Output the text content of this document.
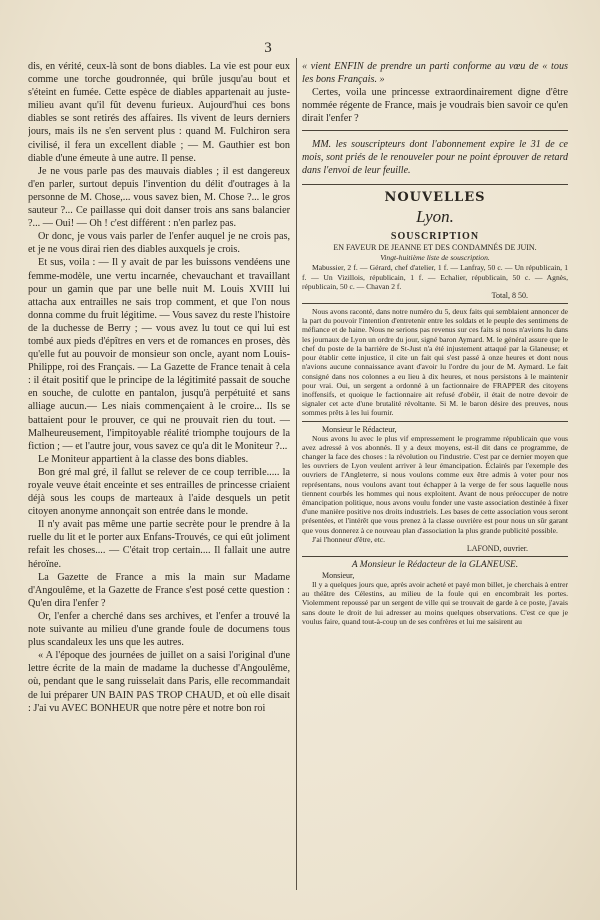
3

dis, en vérité, ceux-là sont de bons diables. La vie est pour eux comme une torche goudronnée, qui brûle jusqu'au bout et s'éteint en fumée. Cette espèce de diables appartenait au juste-milieu avant qu'il fût devenu furieux. Aujourd'hui ces bons diables se sont retirés des affaires. Ils vivent de leurs derniers jours, mais ils ne s'en servent plus : quand M. Fulchiron sera civilisé, il fera un excellent diable ; — M. Gauthier est bon diable d'une émeute à une autre. Il pense.

Je ne vous parle pas des mauvais diables ; il est dangereux d'en parler, surtout depuis l'invention du délit d'outrages à la personne de M. Chose,... vous savez bien, M. Chose ?... le gros sauteur ?... Ce paillasse qui doit danser trois ans sans balancier ?... — Oui! — Oh ! c'est différent : n'en parlez pas.

Or donc, je vous vais parler de l'enfer auquel je ne crois pas, et je ne vous dirai rien des diables auxquels je crois.

Et sus, voila : — Il y avait de par les buissons vendéens une femme-modèle, une vertu incarnée, chevauchant et travaillant pour un gamin que par une belle nuit M. Louis XVIII lui attacha aux entrailles ne sais trop comment, et que l'on nous donna comme du fruit légitime. — Vous savez du reste l'histoire de la duchesse de Berry ; — vous avez lu tout ce qui lui est tombé aux pieds d'épîtres en vers et de romances en proses, dès qu'elle fut au pouvoir de monsieur son oncle, ayant nom Louis-Philippe, roi des Français. — La Gazette de France tenait à cela : il était positif que le principe de la légitimité passait de souche en souche, de culotte en pantalon, jusqu'à perpétuité et sans alliage aucun.— Les niais commençaient à le croire... Ils se battaient pour le prouver, ce qui ne prouvait rien du tout. —Malheureusement, l'impitoyable réalité triomphe toujours de la fiction ; — et l'autre jour, vous savez ce qu'a dit le Moniteur ?...

Le Moniteur appartient à la classe des bons diables.

Bon gré mal gré, il fallut se relever de ce coup terrible..... la royale veuve était enceinte et ses entrailles de princesse criaient déjà sous les coups de marteaux à l'aide desquels un petit citoyen anonyme annonçait son entrée dans le monde.

Il n'y avait pas même une partie secrète pour le prendre à la ruelle du lit et le porter aux Enfans-Trouvés, ce qui eût joliment refait les choses.... — C'était trop certain.... Il fallait une autre héroïne.

La Gazette de France a mis la main sur Madame d'Angoulême, et la Gazette de France s'est posé cette question : Qu'en dira l'enfer ?

Or, l'enfer a cherché dans ses archives, et l'enfer a trouvé la note suivante au milieu d'une grande foule de documens tous plus scandaleux les uns que les autres.

« A l'époque des journées de juillet on a saisi l'original d'une lettre écrite de la main de madame la duchesse d'Angoulême, où, pendant que le sang ruisselait dans Paris, elle recommandait de lui préparer UN BAIN PAS TROP CHAUD, et où elle disait : J'ai vu AVEC BONHEUR que notre père et notre bon roi

« vient ENFIN de prendre un parti conforme au vœu de « tous les bons Français. »

Certes, voila une princesse extraordinairement digne d'être nommée régente de France, mais je voudrais bien savoir ce qu'en dirait l'enfer ?

MM. les souscripteurs dont l'abonnement expire le 31 de ce mois, sont priés de le renouveler pour ne point éprouver de retard dans l'envoi de leur feuille.
NOUVELLES
Lyon.
SOUSCRIPTION
EN FAVEUR DE JEANNE ET DES CONDAMNÉS DE JUIN.
Vingt-huitième liste de souscription.

Mabussier, 2 f. — Gérard, chef d'atelier, 1 f. — Lanfray, 50 c. — Un républicain, 1 f. — Un Vizillois, républicain, 1 f. — Echalier, républicain, 50 c. — Agnès, républicain, 50 c. — Chavan 2 f.

Total, 8 50.

Nous avons raconté, dans notre numéro du 5, deux faits qui semblaient annoncer de la part du pouvoir l'intention d'entretenir entre les soldats et le peuple des sentimens de méfiance et de haine. Nous ne serions pas revenus sur ces faits si nous n'avions lu dans les journaux de Lyon un ordre du jour, signé baron Aymard. M. le général assure que le chef du poste de la barrière de St-Just n'a été injustement attaqué par la Glaneuse; et pour établir cette injustice, il cite un fait qui s'est passé à onze heures et dont nous n'avions aucune connaissance avant d'avoir lu l'ordre du jour de M. Aymard. Le fait consigné dans nos colonnes a eu lieu à dix heures, et nous persistons à le maintenir pour vrai. Oui, un sergent a ordonné à un factionnaire de FRAPPER des citoyens inoffensifs, et quoique le factionnaire ait refusé d'obéir, il était de notre devoir de signaler cet acte d'une brutalité révoltante. Si M. le baron désire des preuves, nous sommes prêts à les lui fournir.

Monsieur le Rédacteur,

Nous avons lu avec le plus vif empressement le programme républicain que vous avez adressé à vos abonnés. Il y a deux moyens, est-il dit dans ce programme, de changer la face des choses : la révolution ou l'industrie. C'est par ce dernier moyen que les ouvriers de Lyon veulent arriver à leur émancipation. Éclairés par l'exemple des ouvriers de l'Angleterre, si nous voulons comme eux être admis à voter pour nos représentans, nous voulons avant tout échapper à la verge de fer sous laquelle nous tiennent courbés les hommes qui nous exploitent. Avant de nous préoccuper de notre émancipation politique, nous avons voulu fonder une vaste association destinée à fixer d'une manière positive nos droits industriels. Les bases de cette association vous seront présentées, et l'intérêt que vous prenez à la classe ouvrière est pour nous un sûr garant que vous donnerez à ce nouveau plan d'association la plus grande publicité possible.

J'ai l'honneur d'être, etc.

LAFOND, ouvrier.
A Monsieur le Rédacteur de la GLANEUSE.
Monsieur,

Il y a quelques jours que, après avoir acheté et payé mon billet, je cherchais à entrer au théâtre des Célestins, au milieu de la foule qui en encombrait les portes. Violemment repoussé par un sergent de ville qui se trouvait de garde à ce poste, j'avais sans doute le droit de lui adresser au moins quelques observations. C'est ce que je voulus faire, quand tout-à-coup un de ses confrères et lui me saisirent au
